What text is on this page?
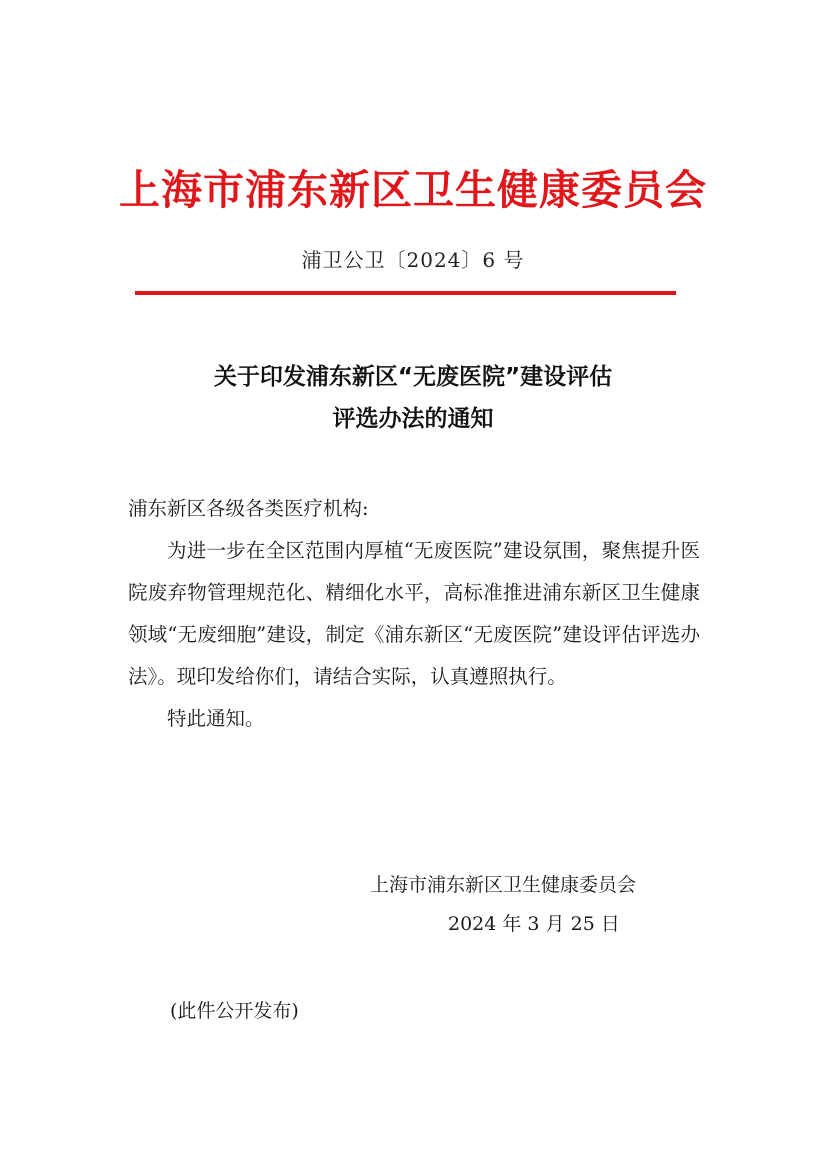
上海市浦东新区卫生健康委员会
浦卫公卫〔2024〕6 号
关于印发浦东新区“无废医院”建设评估
评选办法的通知

浦东新区各级各类医疗机构:

为进一步在全区范围内厚植“无废医院”建设氛围，聚焦提升医院废弃物管理规范化、精细化水平，高标准推进浦东新区卫生健康领域“无废细胞”建设，制定《浦东新区“无废医院”建设评估评选办法》。现印发给你们，请结合实际，认真遵照执行。

特此通知。

上海市浦东新区卫生健康委员会
2024 年 3 月 25 日
(此件公开发布)
